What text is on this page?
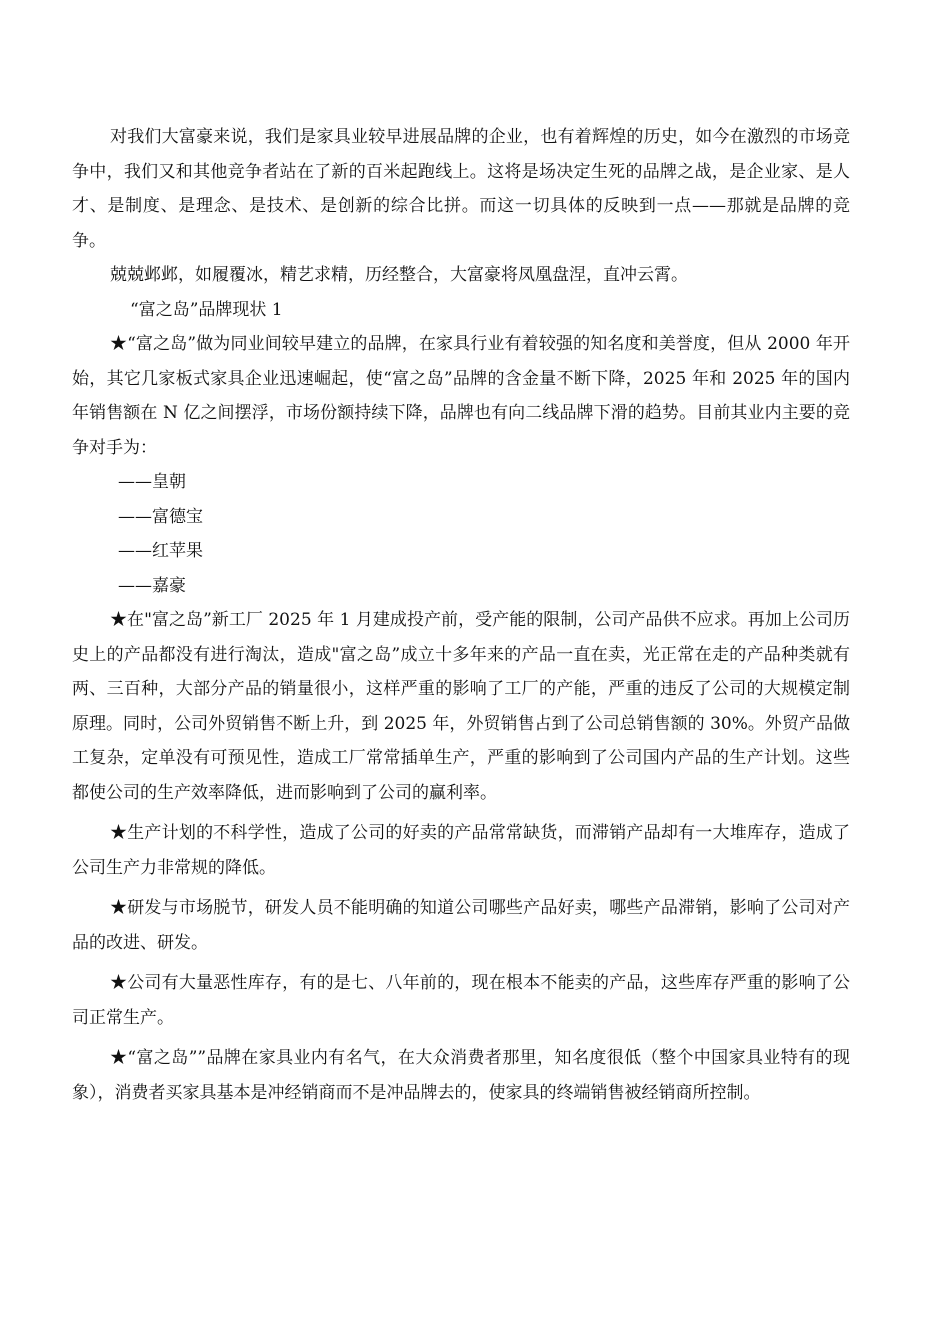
对我们大富豪来说，我们是家具业较早进展品牌的企业，也有着辉煌的历史，如今在激烈的市场竞争中，我们又和其他竞争者站在了新的百米起跑线上。这将是场决定生死的品牌之战，是企业家、是人才、是制度、是理念、是技术、是创新的综合比拼。而这一切具体的反映到一点——那就是品牌的竞争。

兢兢邺邺，如履覆冰，精艺求精，历经整合，大富豪将凤凰盘涅，直冲云霄。

“富之岛”品牌现状 1

★“富之岛”做为同业间较早建立的品牌，在家具行业有着较强的知名度和美誉度，但从 2000 年开始，其它几家板式家具企业迅速崛起，使“富之岛”品牌的含金量不断下降，2025 年和 2025 年的国内年销售额在 N 亿之间摆浮，市场份额持续下降，品牌也有向二线品牌下滑的趋势。目前其业内主要的竞争对手为：

——皇朝

——富德宝

——红苹果

——嘉豪

★在"富之岛”新工厂 2025 年 1 月建成投产前，受产能的限制，公司产品供不应求。再加上公司历史上的产品都没有进行淘汰，造成"富之岛”成立十多年来的产品一直在卖，光正常在走的产品种类就有两、三百种，大部分产品的销量很小，这样严重的影响了工厂的产能，严重的违反了公司的大规模定制原理。同时，公司外贸销售不断上升，到 2025 年，外贸销售占到了公司总销售额的 30%。外贸产品做工复杂，定单没有可预见性，造成工厂常常插单生产，严重的影响到了公司国内产品的生产计划。这些都使公司的生产效率降低，进而影响到了公司的赢利率。

★生产计划的不科学性，造成了公司的好卖的产品常常缺货，而滞销产品却有一大堆库存，造成了公司生产力非常规的降低。

★研发与市场脱节，研发人员不能明确的知道公司哪些产品好卖，哪些产品滞销，影响了公司对产品的改进、研发。

★公司有大量恶性库存，有的是七、八年前的，现在根本不能卖的产品，这些库存严重的影响了公司正常生产。

★“富之岛””品牌在家具业内有名气，在大众消费者那里，知名度很低（整个中国家具业特有的现象），消费者买家具基本是冲经销商而不是冲品牌去的，使家具的终端销售被经销商所控制。
